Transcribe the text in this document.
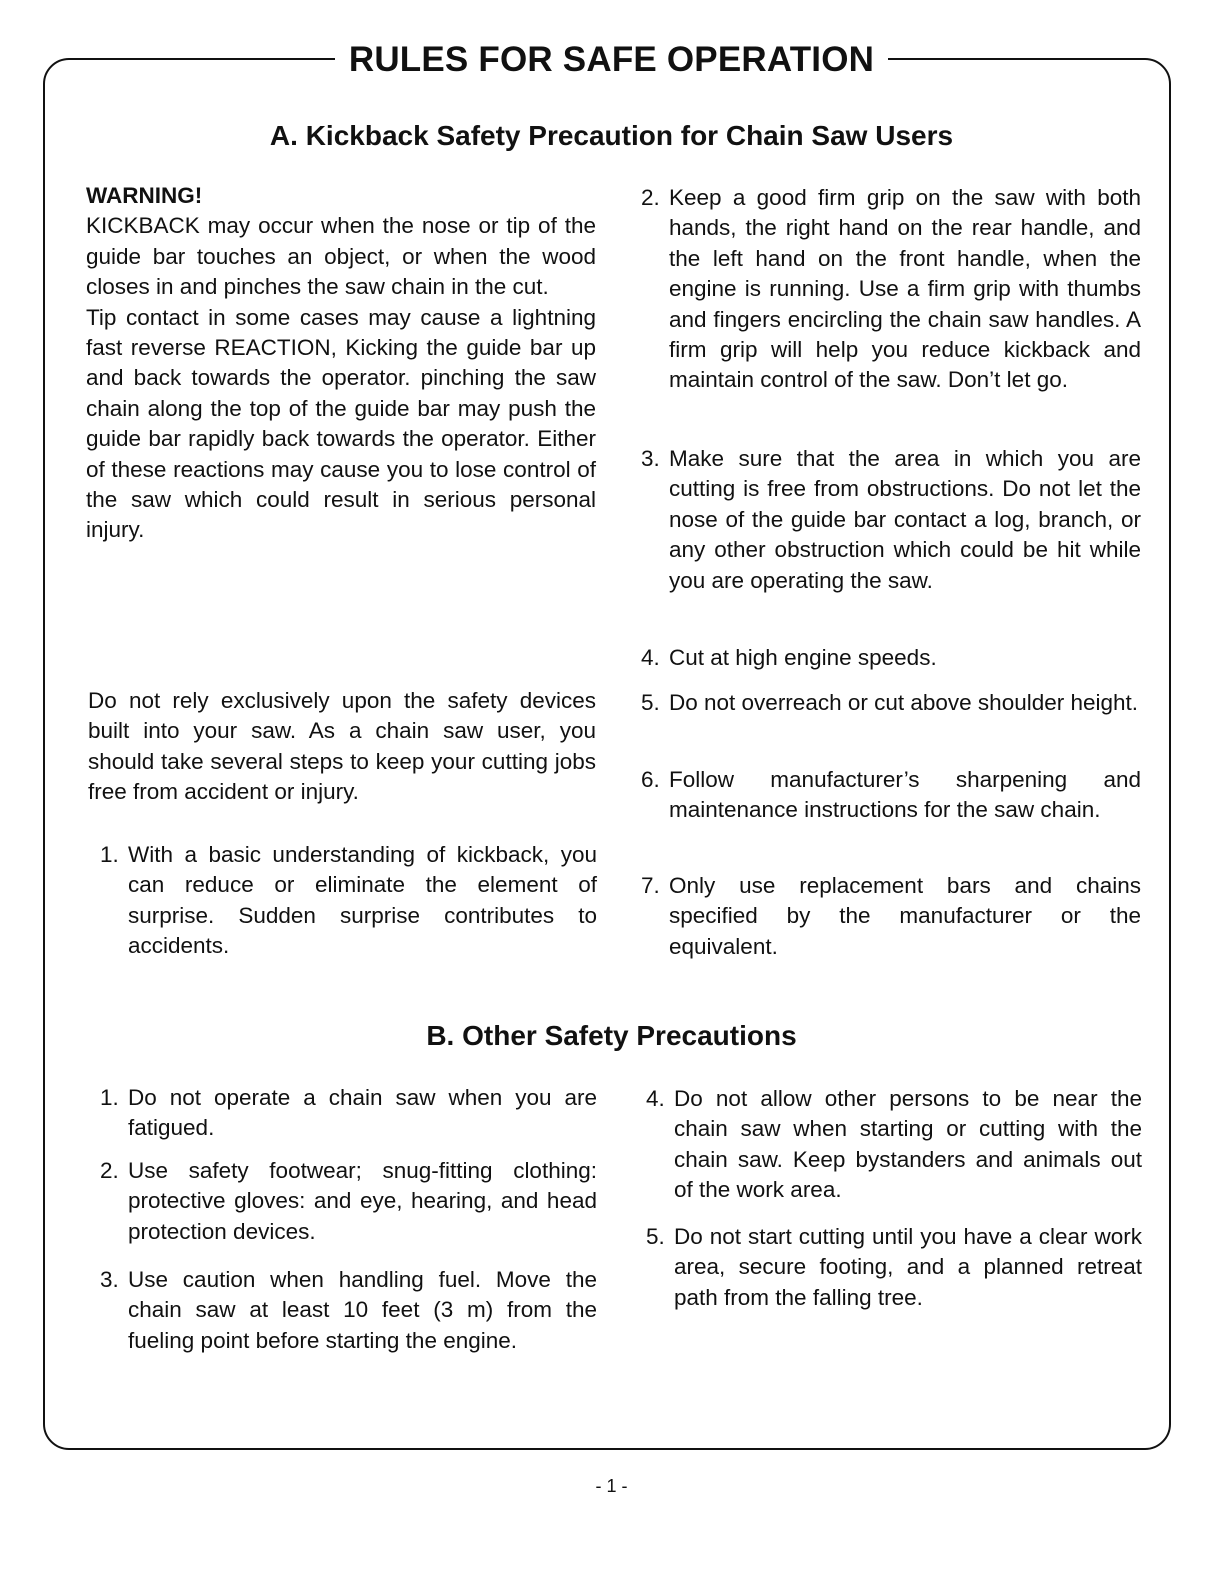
RULES FOR SAFE OPERATION
A. Kickback Safety Precaution for Chain Saw Users

WARNING!

KICKBACK may occur when the nose or tip of the guide bar touches an object, or when the wood closes in and pinches the saw chain in the cut.

Tip contact in some cases may cause a lightning fast reverse REACTION, Kicking the guide bar up and back towards the operator. pinching the saw chain along the top of the guide bar may push the guide bar rapidly back towards the operator. Either of these reactions may cause you to lose control of the saw which could result in serious personal injury.

Do not rely exclusively upon the safety devices built into your saw. As a chain saw user, you should take several steps to keep your cutting jobs free from accident or injury.

1. With a basic understanding of kickback, you can reduce or eliminate the element of surprise. Sudden surprise contributes to accidents.
2. Keep a good firm grip on the saw with both hands, the right hand on the rear handle, and the left hand on the front handle, when the engine is running. Use a firm grip with thumbs and fingers encircling the chain saw handles. A firm grip will help you reduce kickback and maintain control of the saw. Don’t let go.
3. Make sure that the area in which you are cutting is free from obstructions. Do not let the nose of the guide bar contact a log, branch, or any other obstruction which could be hit while you are operating the saw.
4. Cut at high engine speeds.
5. Do not overreach or cut above shoulder height.
6. Follow manufacturer’s sharpening and maintenance instructions for the saw chain.
7. Only use replacement bars and chains specified by the manufacturer or the equivalent.
B. Other Safety Precautions
1. Do not operate a chain saw when you are fatigued.
2. Use safety footwear; snug-fitting clothing: protective gloves: and eye, hearing, and head protection devices.
3. Use caution when handling fuel. Move the chain saw at least 10 feet (3 m) from the fueling point before starting the engine.
4. Do not allow other persons to be near the chain saw when starting or cutting with the chain saw. Keep bystanders and animals out of the work area.
5. Do not start cutting until you have a clear work area, secure footing, and a planned retreat path from the falling tree.
- 1 -
